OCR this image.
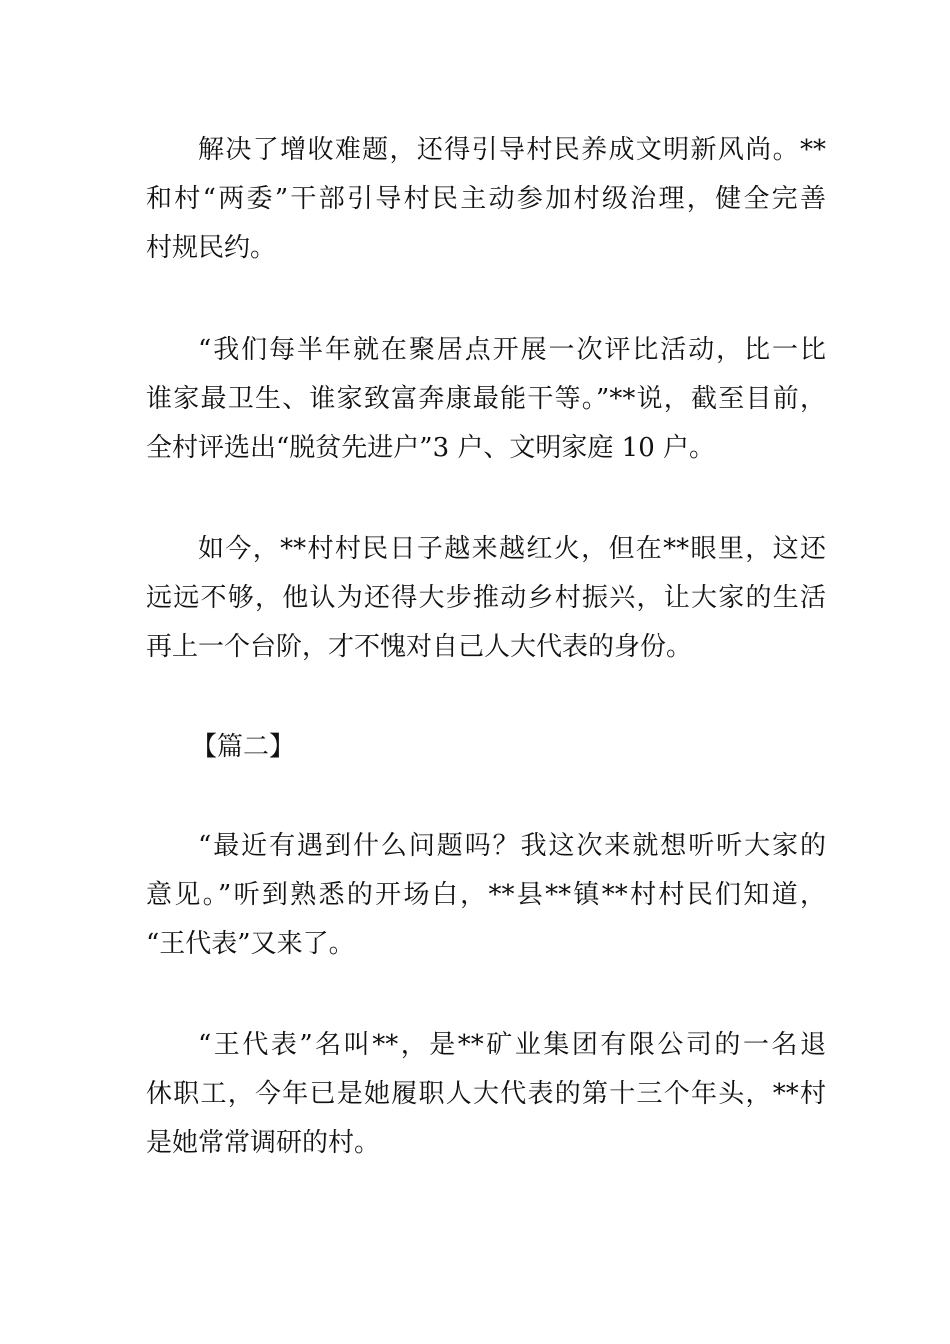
解决了增收难题，还得引导村民养成文明新风尚。**
和村“两委”干部引导村民主动参加村级治理，健全完善
村规民约。
“我们每半年就在聚居点开展一次评比活动，比一比
谁家最卫生、谁家致富奔康最能干等。”**说，截至目前，
全村评选出“脱贫先进户”3 户、文明家庭 10 户。
如今，**村村民日子越来越红火，但在**眼里，这还
远远不够，他认为还得大步推动乡村振兴，让大家的生活
再上一个台阶，才不愧对自己人大代表的身份。

【篇二】

“最近有遇到什么问题吗？我这次来就想听听大家的
意见。”听到熟悉的开场白，**县**镇**村村民们知道，
“王代表”又来了。
“王代表”名叫**，是**矿业集团有限公司的一名退
休职工，今年已是她履职人大代表的第十三个年头，**村
是她常常调研的村。
